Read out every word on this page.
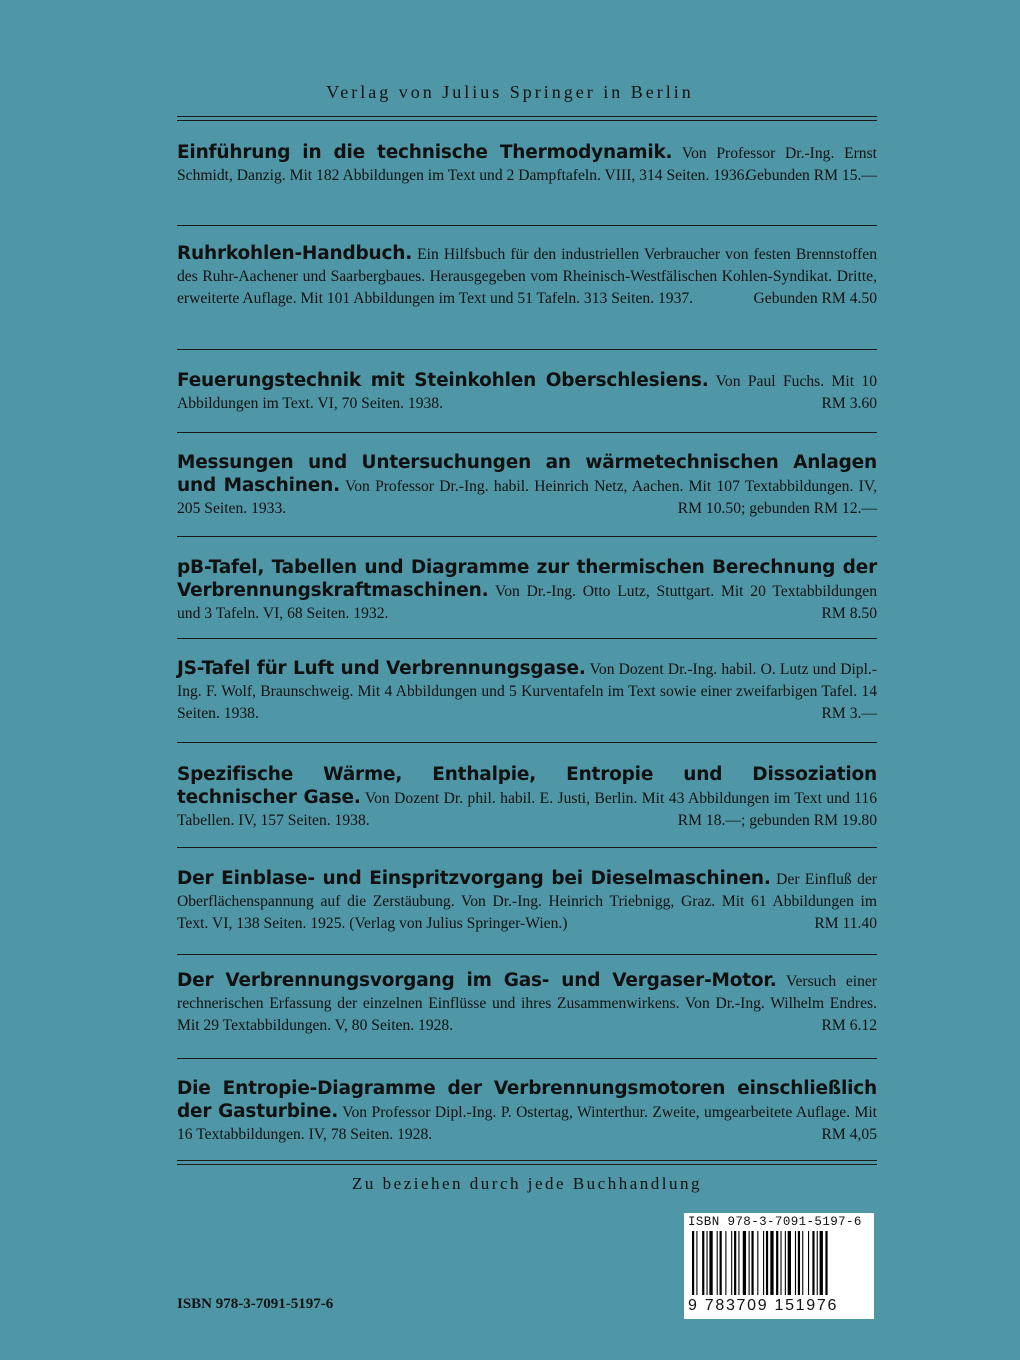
Verlag von Julius Springer in Berlin
Einführung in die technische Thermodynamik. Von Professor Dr.-Ing. Ernst Schmidt, Danzig. Mit 182 Abbildungen im Text und 2 Dampftafeln. VIII, 314 Seiten. 1936.
Gebunden RM 15.—
Ruhrkohlen-Handbuch. Ein Hilfsbuch für den industriellen Verbraucher von festen Brennstoffen des Ruhr-Aachener und Saarbergbaues. Herausgegeben vom Rheinisch-Westfälischen Kohlen-Syndikat. Dritte, erweiterte Auflage. Mit 101 Abbildungen im Text und 51 Tafeln. 313 Seiten. 1937.	Gebunden RM 4.50
Feuerungstechnik mit Steinkohlen Oberschlesiens. Von Paul Fuchs. Mit 10 Abbildungen im Text. VI, 70 Seiten. 1938.	RM 3.60
Messungen und Untersuchungen an wärmetechnischen Anlagen und Maschinen. Von Professor Dr.-Ing. habil. Heinrich Netz, Aachen. Mit 107 Textabbildungen. IV, 205 Seiten. 1933.	RM 10.50; gebunden RM 12.—
pB-Tafel, Tabellen und Diagramme zur thermischen Berechnung der Verbrennungskraftmaschinen. Von Dr.-Ing. Otto Lutz, Stuttgart. Mit 20 Textabbildungen und 3 Tafeln. VI, 68 Seiten. 1932.	RM 8.50
JS-Tafel für Luft und Verbrennungsgase. Von Dozent Dr.-Ing. habil. O. Lutz und Dipl.-Ing. F. Wolf, Braunschweig. Mit 4 Abbildungen und 5 Kurventafeln im Text sowie einer zweifarbigen Tafel. 14 Seiten. 1938.	RM 3.—
Spezifische Wärme, Enthalpie, Entropie und Dissoziation technischer Gase. Von Dozent Dr. phil. habil. E. Justi, Berlin. Mit 43 Abbildungen im Text und 116 Tabellen. IV, 157 Seiten. 1938.	RM 18.—; gebunden RM 19.80
Der Einblase- und Einspritzvorgang bei Dieselmaschinen. Der Einfluß der Oberflächenspannung auf die Zerstäubung. Von Dr.-Ing. Heinrich Triebnigg, Graz. Mit 61 Abbildungen im Text. VI, 138 Seiten. 1925. (Verlag von Julius Springer-Wien.)	RM 11.40
Der Verbrennungsvorgang im Gas- und Vergaser-Motor. Versuch einer rechnerischen Erfassung der einzelnen Einflüsse und ihres Zusammenwirkens. Von Dr.-Ing. Wilhelm Endres. Mit 29 Textabbildungen. V, 80 Seiten. 1928.	RM 6.12
Die Entropie-Diagramme der Verbrennungsmotoren einschließlich der Gasturbine. Von Professor Dipl.-Ing. P. Ostertag, Winterthur. Zweite, umgearbeitete Auflage. Mit 16 Textabbildungen. IV, 78 Seiten. 1928.	RM 4,05
Zu beziehen durch jede Buchhandlung
ISBN 978-3-7091-5197-6
ISBN 978-3-7091-5197-6
9 783709 151976
